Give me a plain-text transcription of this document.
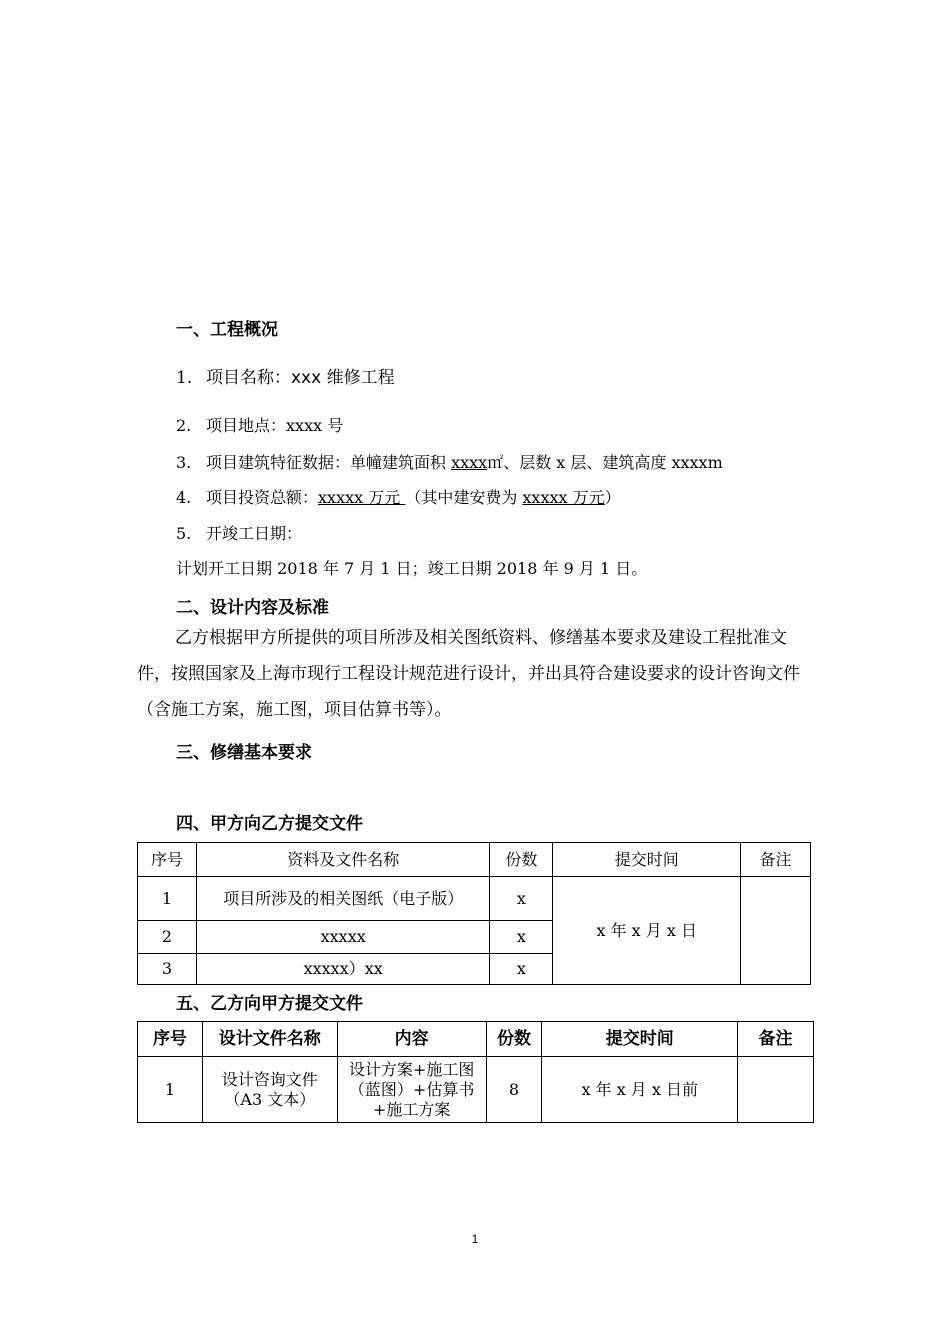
一、工程概况
1. 项目名称：xxx 维修工程
2. 项目地点：xxxx 号
3. 项目建筑特征数据：单幢建筑面积 xxxx㎡、层数 x 层、建筑高度 xxxxm
4. 项目投资总额：xxxxx 万元 （其中建安费为 xxxxx 万元）
5. 开竣工日期：
计划开工日期 2018 年 7 月 1 日；竣工日期 2018 年 9 月 1 日。
二、设计内容及标准
乙方根据甲方所提供的项目所涉及相关图纸资料、修缮基本要求及建设工程批准文件，按照国家及上海市现行工程设计规范进行设计，并出具符合建设要求的设计咨询文件（含施工方案，施工图，项目估算书等）。
三、修缮基本要求
四、甲方向乙方提交文件
序号	资料及文件名称	份数	提交时间	备注
1	项目所涉及的相关图纸（电子版）	x	x 年 x 月 x 日	
2	xxxxx	x		
3	xxxxx）xx	x		
五、乙方向甲方提交文件
序号	设计文件名称	内容	份数	提交时间	备注
1	设计咨询文件（A3 文本）	设计方案+施工图（蓝图）+估算书+施工方案	8	x 年 x 月 x 日前	
1
